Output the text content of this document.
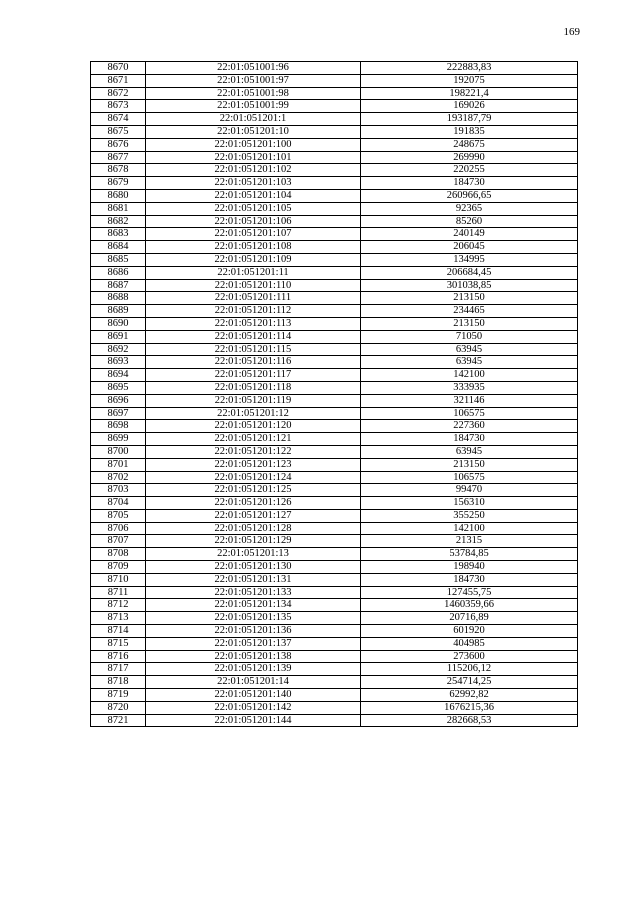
169
8670	22:01:051001:96	222883,83
8671	22:01:051001:97	192075
8672	22:01:051001:98	198221,4
8673	22:01:051001:99	169026
8674	22:01:051201:1	193187,79
8675	22:01:051201:10	191835
8676	22:01:051201:100	248675
8677	22:01:051201:101	269990
8678	22:01:051201:102	220255
8679	22:01:051201:103	184730
8680	22:01:051201:104	260966,65
8681	22:01:051201:105	92365
8682	22:01:051201:106	85260
8683	22:01:051201:107	240149
8684	22:01:051201:108	206045
8685	22:01:051201:109	134995
8686	22:01:051201:11	206684,45
8687	22:01:051201:110	301038,85
8688	22:01:051201:111	213150
8689	22:01:051201:112	234465
8690	22:01:051201:113	213150
8691	22:01:051201:114	71050
8692	22:01:051201:115	63945
8693	22:01:051201:116	63945
8694	22:01:051201:117	142100
8695	22:01:051201:118	333935
8696	22:01:051201:119	321146
8697	22:01:051201:12	106575
8698	22:01:051201:120	227360
8699	22:01:051201:121	184730
8700	22:01:051201:122	63945
8701	22:01:051201:123	213150
8702	22:01:051201:124	106575
8703	22:01:051201:125	99470
8704	22:01:051201:126	156310
8705	22:01:051201:127	355250
8706	22:01:051201:128	142100
8707	22:01:051201:129	21315
8708	22:01:051201:13	53784,85
8709	22:01:051201:130	198940
8710	22:01:051201:131	184730
8711	22:01:051201:133	127455,75
8712	22:01:051201:134	1460359,66
8713	22:01:051201:135	20716,89
8714	22:01:051201:136	601920
8715	22:01:051201:137	404985
8716	22:01:051201:138	273600
8717	22:01:051201:139	115206,12
8718	22:01:051201:14	254714,25
8719	22:01:051201:140	62992,82
8720	22:01:051201:142	1676215,36
8721	22:01:051201:144	282668,53
